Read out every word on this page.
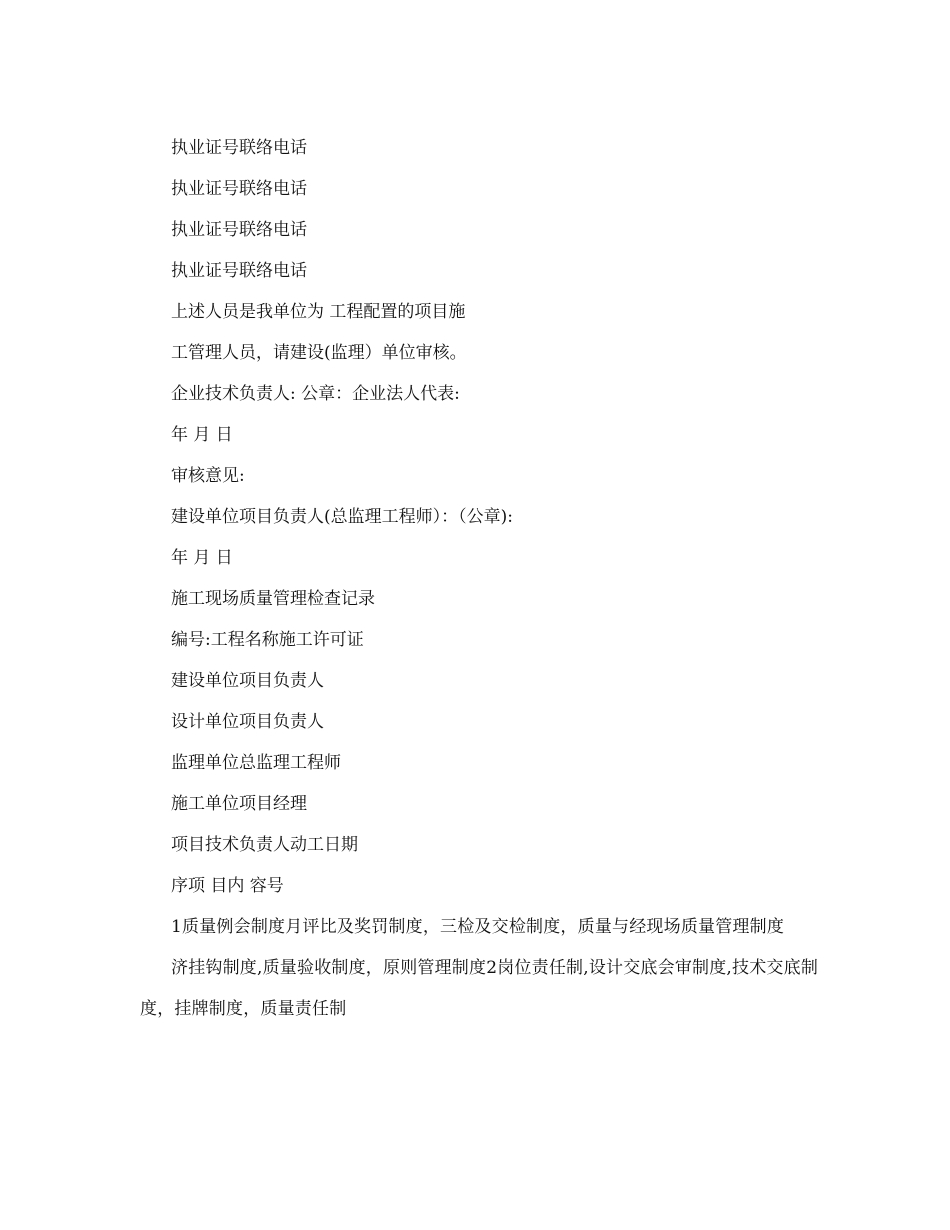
执业证号联络电话
执业证号联络电话
执业证号联络电话
执业证号联络电话
上述人员是我单位为 工程配置的项目施
工管理人员，请建设(监理）单位审核。
企业技术负责人: 公章：企业法人代表:
年 月 日
审核意见:
建设单位项目负责人(总监理工程师）：（公章):
年 月 日
施工现场质量管理检查记录
编号:工程名称施工许可证
建设单位项目负责人
设计单位项目负责人
监理单位总监理工程师
施工单位项目经理
项目技术负责人动工日期
序项 目内 容号

1质量例会制度月评比及奖罚制度，三检及交检制度，质量与经现场质量管理制度

济挂钩制度,质量验收制度，原则管理制度2岗位责任制,设计交底会审制度,技术交底制度，挂牌制度，质量责任制
